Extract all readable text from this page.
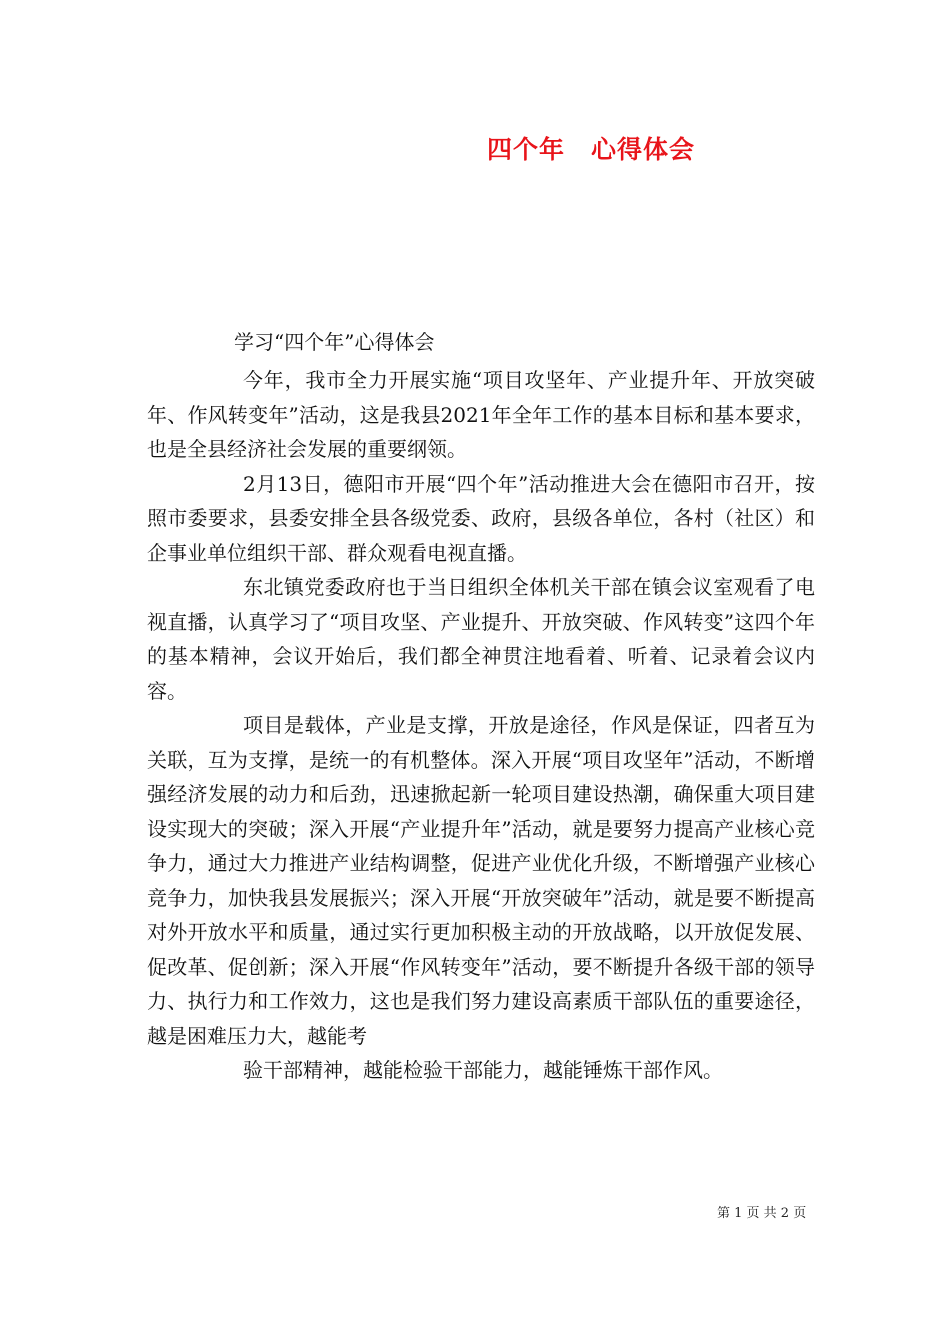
四个年　心得体会

学习“四个年”心得体会

今年，我市全力开展实施“项目攻坚年、产业提升年、开放突破年、作风转变年”活动，这是我县2021年全年工作的基本目标和基本要求，也是全县经济社会发展的重要纲领。

2月13日，德阳市开展“四个年”活动推进大会在德阳市召开，按照市委要求，县委安排全县各级党委、政府，县级各单位，各村（社区）和企事业单位组织干部、群众观看电视直播。

东北镇党委政府也于当日组织全体机关干部在镇会议室观看了电视直播，认真学习了“项目攻坚、产业提升、开放突破、作风转变”这四个年的基本精神，会议开始后，我们都全神贯注地看着、听着、记录着会议内容。

项目是载体，产业是支撑，开放是途径，作风是保证，四者互为关联，互为支撑，是统一的有机整体。深入开展“项目攻坚年”活动，不断增强经济发展的动力和后劲，迅速掀起新一轮项目建设热潮，确保重大项目建设实现大的突破；深入开展“产业提升年”活动，就是要努力提高产业核心竞争力，通过大力推进产业结构调整，促进产业优化升级，不断增强产业核心竞争力，加快我县发展振兴；深入开展“开放突破年”活动，就是要不断提高对外开放水平和质量，通过实行更加积极主动的开放战略，以开放促发展、促改革、促创新；深入开展“作风转变年”活动，要不断提升各级干部的领导力、执行力和工作效力，这也是我们努力建设高素质干部队伍的重要途径，越是困难压力大，越能考

验干部精神，越能检验干部能力，越能锤炼干部作风。

第 1 页 共 2 页
